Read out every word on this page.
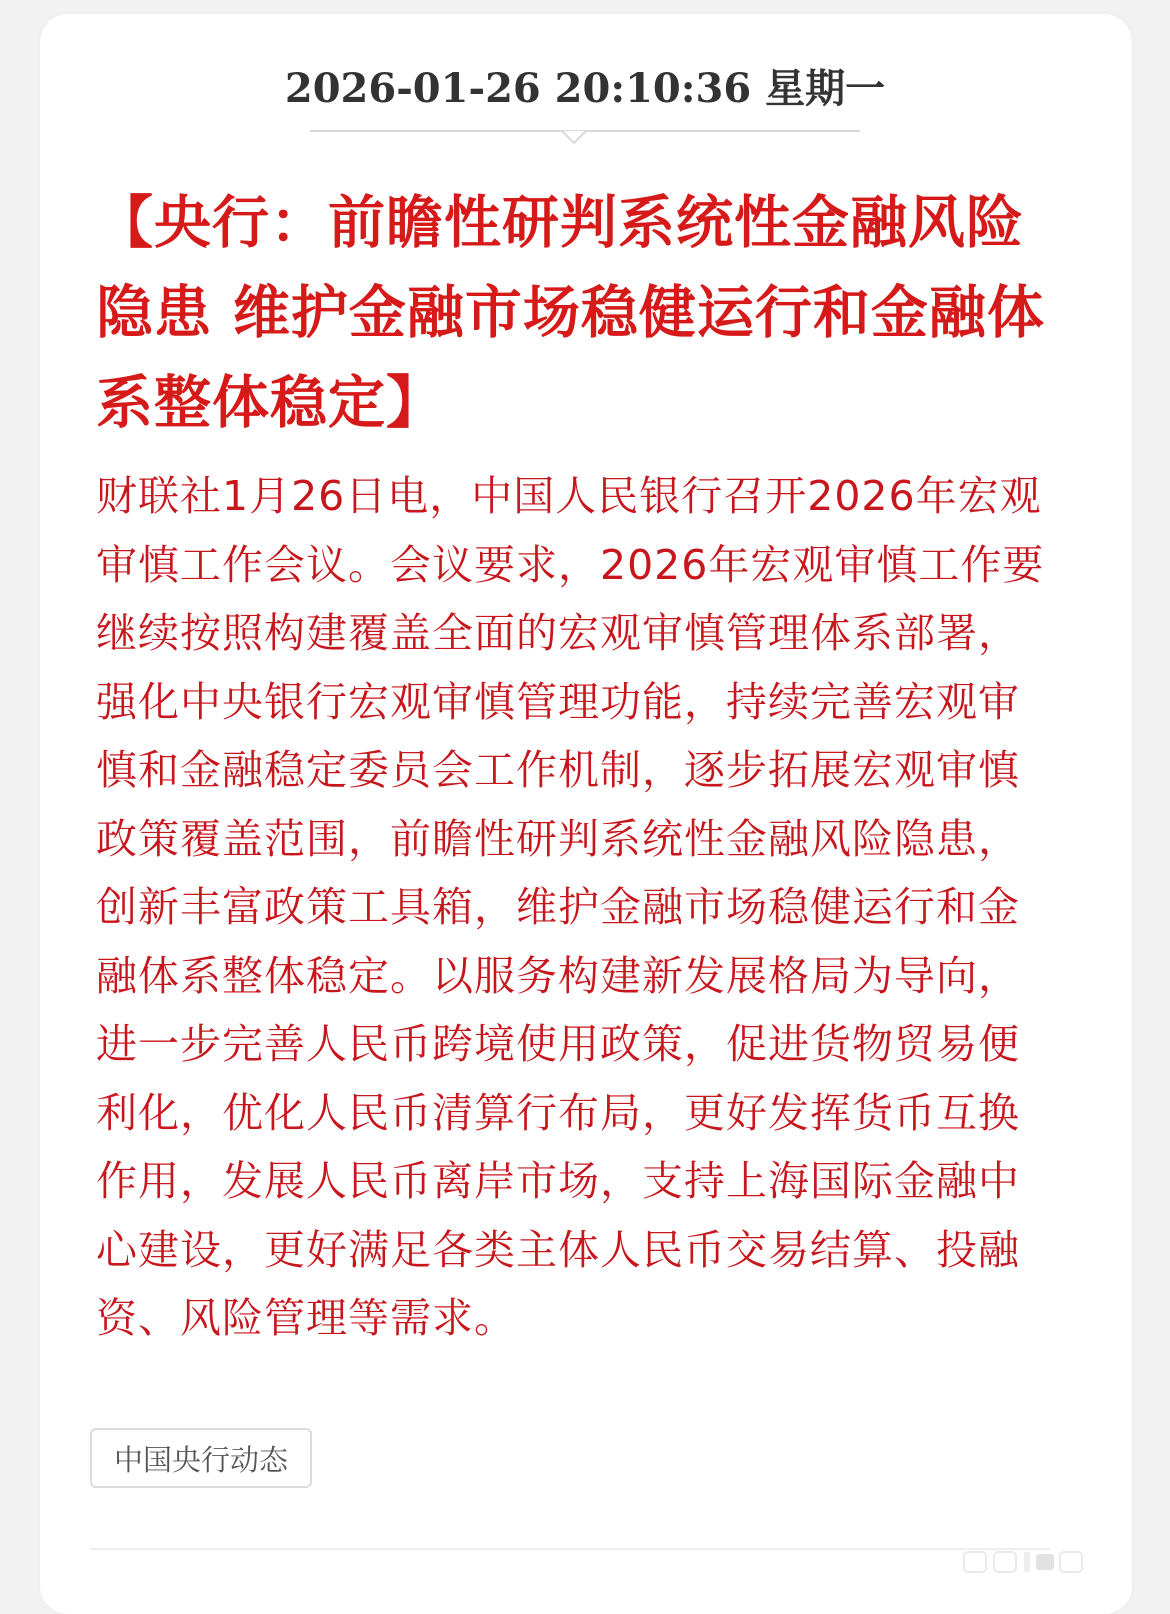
2026-01-26 20:10:36 星期一
【央行：前瞻性研判系统性金融风险隐患 维护金融市场稳健运行和金融体系整体稳定】
财联社1月26日电，中国人民银行召开2026年宏观审慎工作会议。会议要求，2026年宏观审慎工作要继续按照构建覆盖全面的宏观审慎管理体系部署，强化中央银行宏观审慎管理功能，持续完善宏观审慎和金融稳定委员会工作机制，逐步拓展宏观审慎政策覆盖范围，前瞻性研判系统性金融风险隐患，创新丰富政策工具箱，维护金融市场稳健运行和金融体系整体稳定。以服务构建新发展格局为导向，进一步完善人民币跨境使用政策，促进货物贸易便利化，优化人民币清算行布局，更好发挥货币互换作用，发展人民币离岸市场，支持上海国际金融中心建设，更好满足各类主体人民币交易结算、投融资、风险管理等需求。
中国央行动态
